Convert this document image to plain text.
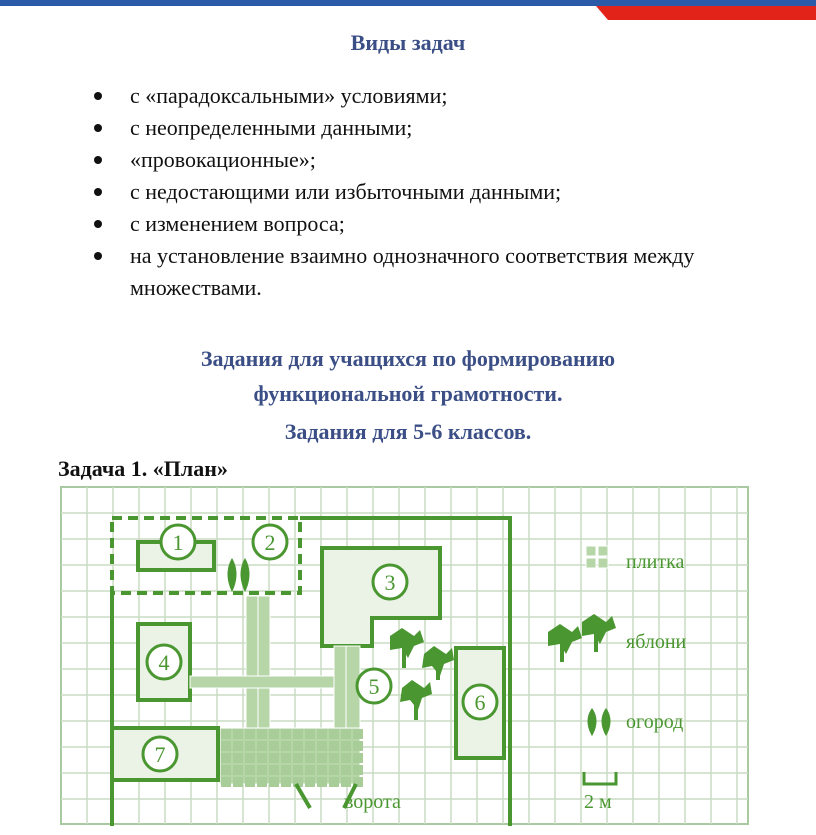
Виды задач
с «парадоксальными» условиями;
с неопределенными данными;
«провокационные»;
с недостающими или избыточными данными;
с изменением вопроса;
на установление взаимно однозначного соответствия между множествами.
Задания для учащихся по формированию
функциональной грамотности.
Задания для 5-6 классов.
Задача 1. «План»
1	2
3
4
5
6
7
ворота
плитка
яблони
огород
2 м
